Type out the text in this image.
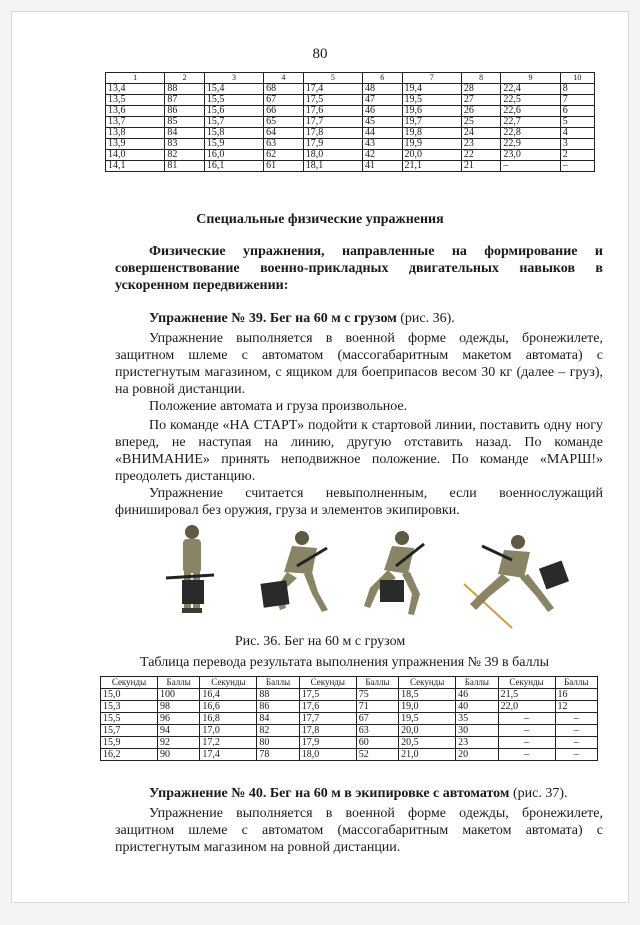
80
1	2	3	4	5	6	7	8	9	10
13,4	88	15,4	68	17,4	48	19,4	28	22,4	8
13,5	87	15,5	67	17,5	47	19,5	27	22,5	7
13,6	86	15,6	66	17,6	46	19,6	26	22,6	6
13,7	85	15,7	65	17,7	45	19,7	25	22,7	5
13,8	84	15,8	64	17,8	44	19,8	24	22,8	4
13,9	83	15,9	63	17,9	43	19,9	23	22,9	3
14,0	82	16,0	62	18,0	42	20,0	22	23,0	2
14,1	81	16,1	61	18,1	41	21,1	21	–	–
Специальные физические упражнения
Физические упражнения, направленные на формирование и совершенствование военно-прикладных двигательных навыков в ускоренном передвижении:
Упражнение № 39. Бег на 60 м с грузом (рис. 36).
Упражнение выполняется в военной форме одежды, бронежилете, защитном шлеме с автоматом (массогабаритным макетом автомата) с пристегнутым магазином, с ящиком для боеприпасов весом 30 кг (далее – груз), на ровной дистанции.
Положение автомата и груза произвольное.
По команде «НА СТАРТ» подойти к стартовой линии, поставить одну ногу вперед, не наступая на линию, другую отставить назад. По команде «ВНИМАНИЕ» принять неподвижное положение. По команде «МАРШ!» преодолеть дистанцию.
Упражнение считается невыполненным, если военнослужащий финишировал без оружия, груза и элементов экипировки.
Рис. 36. Бег на 60 м с грузом
Таблица перевода результата выполнения упражнения № 39 в баллы
Секунды	Баллы	Секунды	Баллы	Секунды	Баллы	Секунды	Баллы	Секунды	Баллы
15,0	100	16,4	88	17,5	75	18,5	46	21,5	16
15,3	98	16,6	86	17,6	71	19,0	40	22,0	12
15,5	96	16,8	84	17,7	67	19,5	35	–	–
15,7	94	17,0	82	17,8	63	20,0	30	–	–
15,9	92	17,2	80	17,9	60	20,5	23	–	–
16,2	90	17,4	78	18,0	52	21,0	20	–	–
Упражнение № 40. Бег на 60 м в экипировке с автоматом (рис. 37).
Упражнение выполняется в военной форме одежды, бронежилете, защитном шлеме с автоматом (массогабаритным макетом автомата) с пристегнутым магазином на ровной дистанции.
